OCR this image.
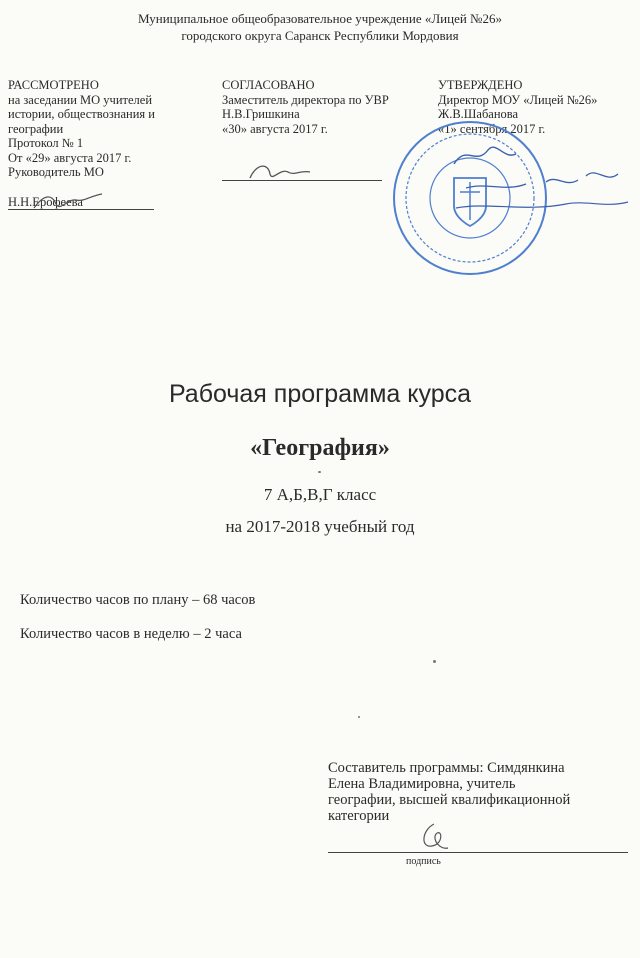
Муниципальное общеобразовательное учреждение «Лицей №26»
городского округа Саранск Республики Мордовия
РАССМОТРЕНО
на заседании МО учителей
истории, обществознания и
географии
Протокол № 1
От «29» августа 2017 г.
Руководитель МО
Н.Н.Ерофеева
СОГЛАСОВАНО
Заместитель директора по УВР
Н.В.Гришкина
«30» августа 2017 г.
УТВЕРЖДЕНО
Директор МОУ «Лицей №26»
Ж.В.Шабанова
«1» сентября 2017 г.
Рабочая программа курса
«География»
7 А,Б,В,Г класс
на 2017-2018 учебный год
Количество часов по плану – 68 часов
Количество часов в неделю – 2 часа
Составитель программы: Симдянкина
Елена Владимировна, учитель
географии, высшей квалификационной
категории
подпись
